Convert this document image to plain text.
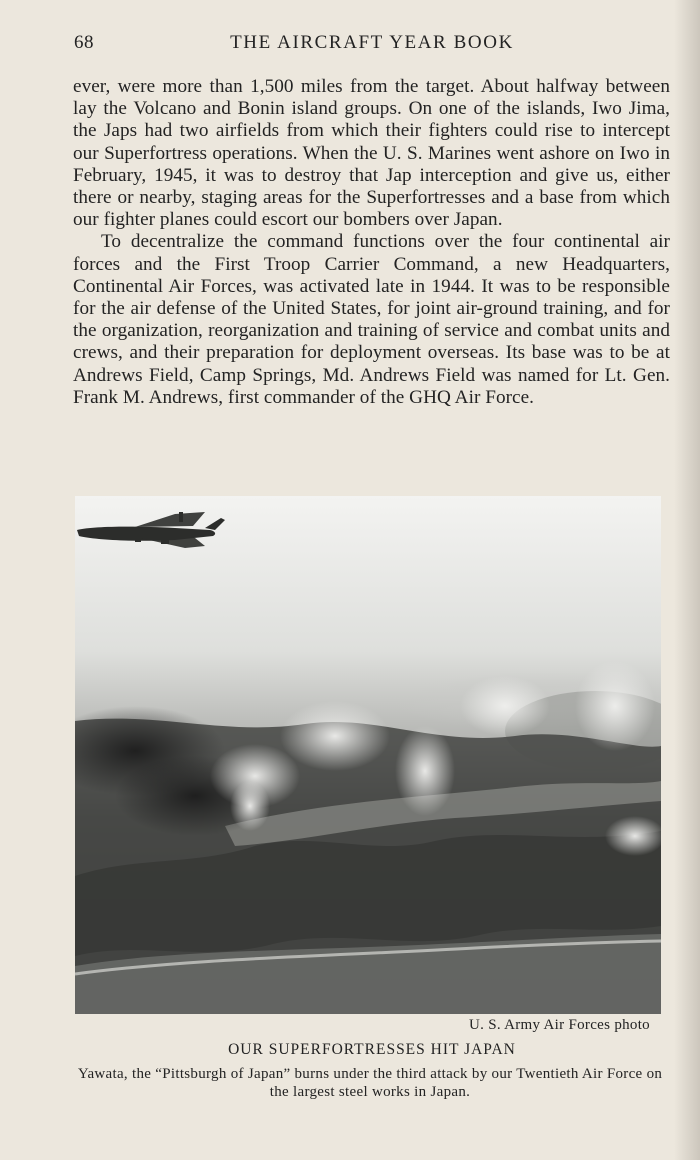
68	THE AIRCRAFT YEAR BOOK

ever, were more than 1,500 miles from the target. About halfway between lay the Volcano and Bonin island groups. On one of the islands, Iwo Jima, the Japs had two airfields from which their fighters could rise to intercept our Superfortress operations. When the U. S. Marines went ashore on Iwo in February, 1945, it was to destroy that Jap interception and give us, either there or nearby, staging areas for the Superfortresses and a base from which our fighter planes could escort our bombers over Japan.

To decentralize the command functions over the four continental air forces and the First Troop Carrier Command, a new Headquarters, Continental Air Forces, was activated late in 1944. It was to be responsible for the air defense of the United States, for joint air-ground training, and for the organization, reorganization and training of service and combat units and crews, and their preparation for deployment overseas. Its base was to be at Andrews Field, Camp Springs, Md. Andrews Field was named for Lt. Gen. Frank M. Andrews, first commander of the GHQ Air Force.

U. S. Army Air Forces photo
OUR SUPERFORTRESSES HIT JAPAN
Yawata, the “Pittsburgh of Japan” burns under the third attack by our Twentieth Air Force on the largest steel works in Japan.
